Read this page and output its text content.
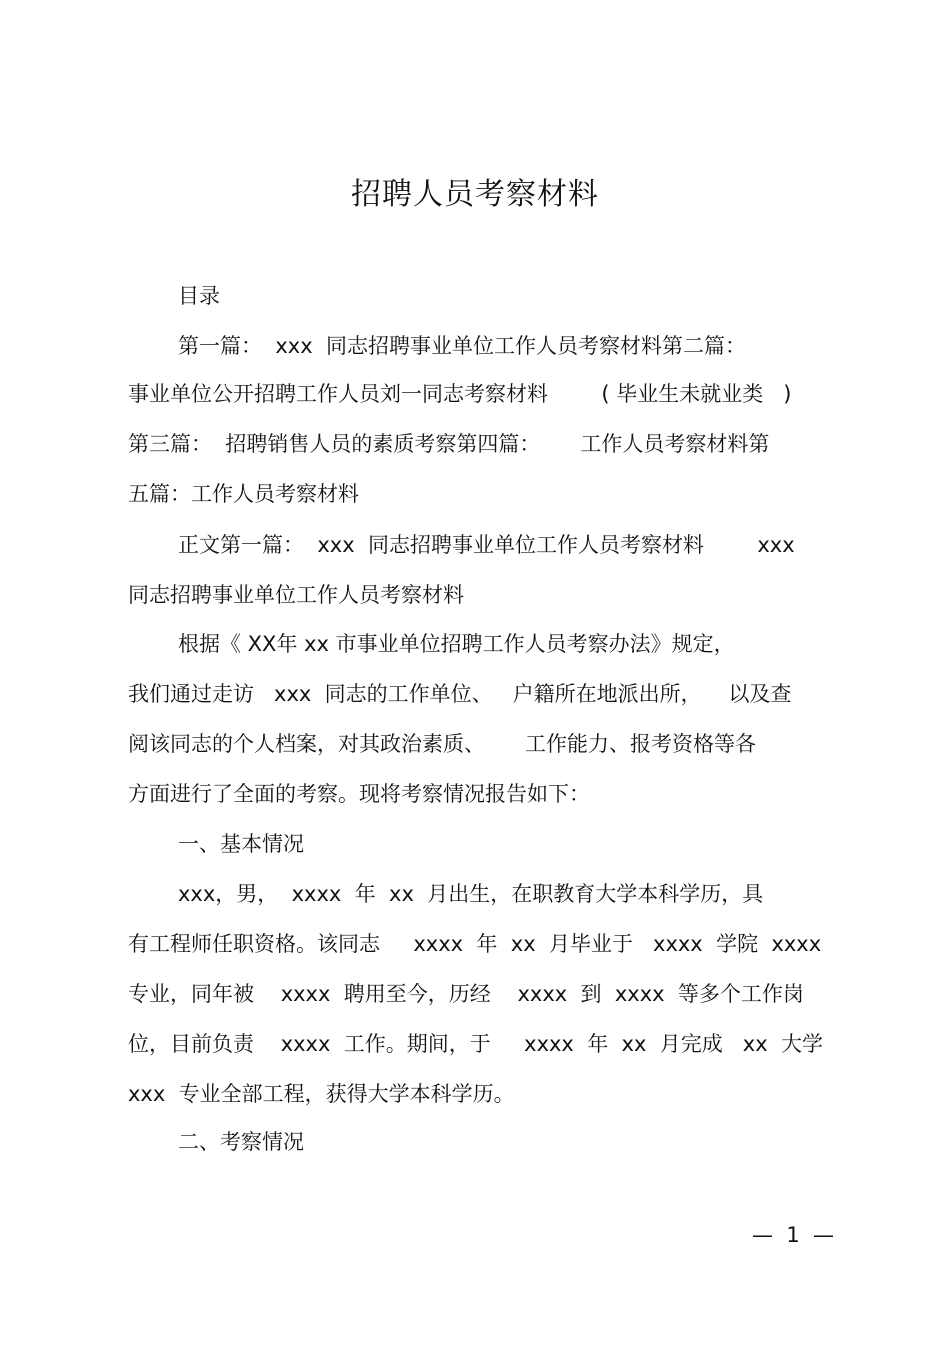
招聘人员考察材料
目录
第一篇：  xxx  同志招聘事业单位工作人员考察材料第二篇：
事业单位公开招聘工作人员刘一同志考察材料        ( 毕业生未就业类   )
第三篇：  招聘销售人员的素质考察第四篇：      工作人员考察材料第
五篇：工作人员考察材料
正文第一篇：  xxx  同志招聘事业单位工作人员考察材料        xxx
同志招聘事业单位工作人员考察材料
根据《 XX年 xx 市事业单位招聘工作人员考察办法》规定，
我们通过走访   xxx  同志的工作单位、   户籍所在地派出所，    以及查
阅该同志的个人档案，对其政治素质、      工作能力、报考资格等各
方面进行了全面的考察。现将考察情况报告如下：
一、基本情况
xxx，男，  xxxx  年  xx  月出生，在职教育大学本科学历，具
有工程师任职资格。该同志     xxxx  年  xx  月毕业于   xxxx  学院  xxxx
专业，同年被    xxxx  聘用至今，历经    xxxx  到  xxxx  等多个工作岗
位，目前负责    xxxx  工作。期间，于     xxxx  年  xx  月完成   xx  大学
xxx  专业全部工程，获得大学本科学历。
二、考察情况
—  1  —
